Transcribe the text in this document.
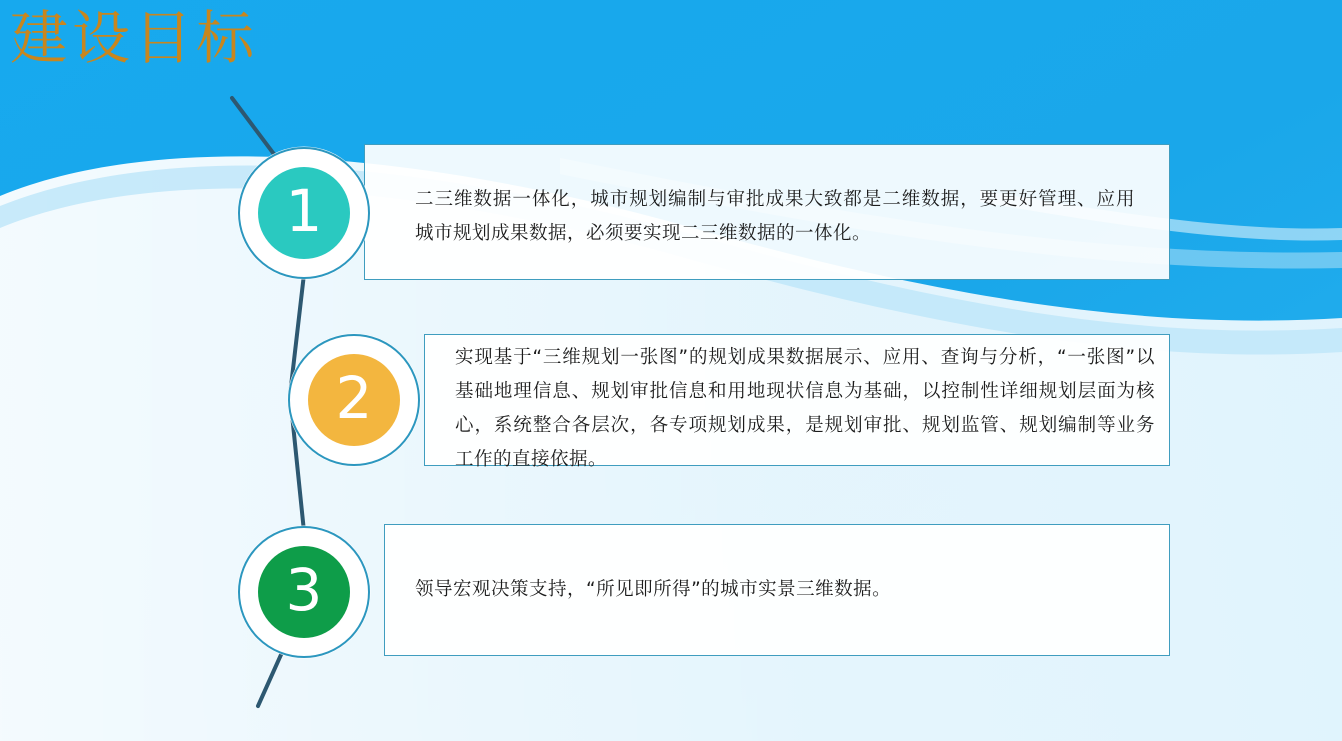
建设目标
二三维数据一体化，城市规划编制与审批成果大致都是二维数据，要更好管理、应用城市规划成果数据，必须要实现二三维数据的一体化。
1
实现基于“三维规划一张图”的规划成果数据展示、应用、查询与分析，“一张图”以基础地理信息、规划审批信息和用地现状信息为基础，以控制性详细规划层面为核心，系统整合各层次，各专项规划成果，是规划审批、规划监管、规划编制等业务工作的直接依据。
2
领导宏观决策支持，“所见即所得”的城市实景三维数据。
3
